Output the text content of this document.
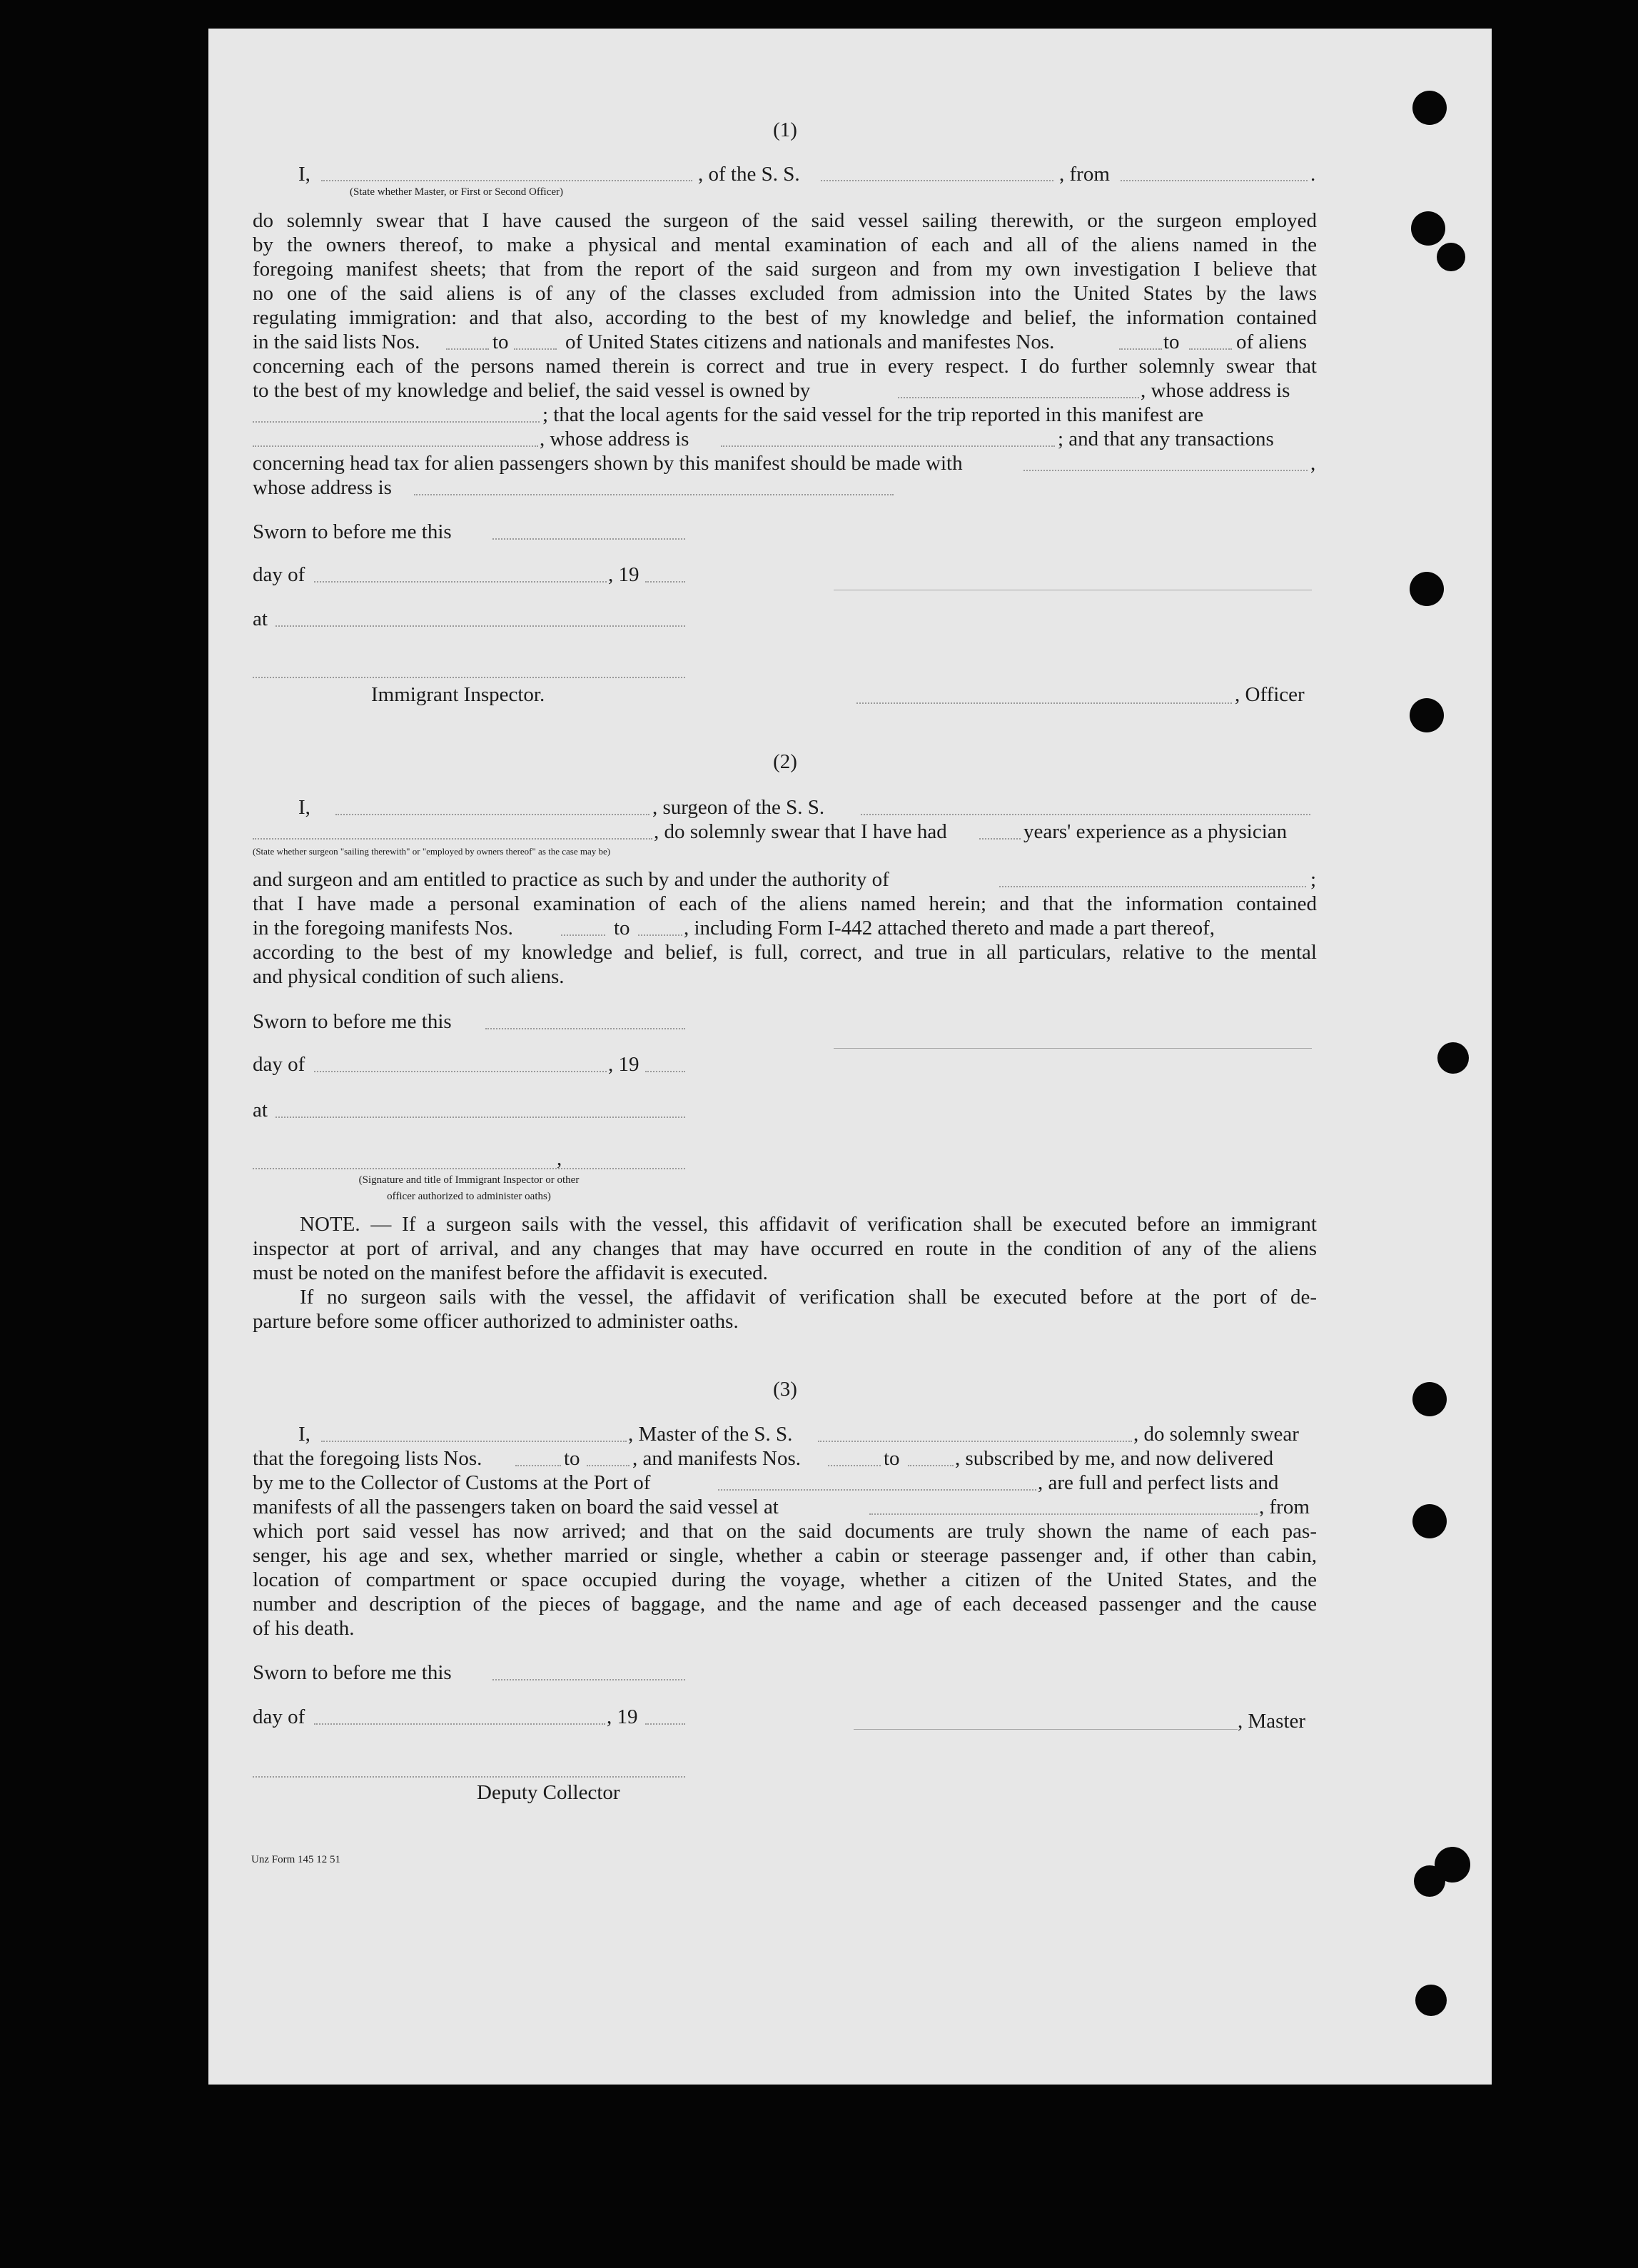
(1)
I,	, of the S. S.	, from	.
(State whether Master, or First or Second Officer)
do solemnly swear that I have caused the surgeon of the said vessel sailing therewith, or the surgeon employed
by the owners thereof, to make a physical and mental examination of each and all of the aliens named in the
foregoing manifest sheets; that from the report of the said surgeon and from my own investigation I believe that
no one of the said aliens is of any of the classes excluded from admission into the United States by the laws
regulating immigration: and that also, according to the best of my knowledge and belief, the information contained
in the said lists Nos.	to	of United States citizens and nationals and manifestes Nos.	to	of aliens
concerning each of the persons named therein is correct and true in every respect. I do further solemnly swear that
to the best of my knowledge and belief, the said vessel is owned by	, whose address is
; that the local agents for the said vessel for the trip reported in this manifest are
, whose address is	; and that any transactions
concerning head tax for alien passengers shown by this manifest should be made with	,
whose address is
Sworn to before me this
day of	, 19
at
Immigrant Inspector.	, Officer
(2)
I,	, surgeon of the S. S.
, do solemnly swear that I have had	years' experience as a physician
(State whether surgeon "sailing therewith" or "employed by owners thereof" as the case may be)
and surgeon and am entitled to practice as such by and under the authority of	;
that I have made a personal examination of each of the aliens named herein; and that the information contained
in the foregoing manifests Nos.	to	, including Form I-442 attached thereto and made a part thereof,
according to the best of my knowledge and belief, is full, correct, and true in all particulars, relative to the mental
and physical condition of such aliens.
Sworn to before me this
day of	, 19
at
,
(Signature and title of Immigrant Inspector or other
officer authorized to administer oaths)
NOTE. — If a surgeon sails with the vessel, this affidavit of verification shall be executed before an immigrant
inspector at port of arrival, and any changes that may have occurred en route in the condition of any of the aliens
must be noted on the manifest before the affidavit is executed.
If no surgeon sails with the vessel, the affidavit of verification shall be executed before at the port of de-
parture before some officer authorized to administer oaths.
(3)
I,	, Master of the S. S.	, do solemnly swear
that the foregoing lists Nos.	to	, and manifests Nos.	to	, subscribed by me, and now delivered
by me to the Collector of Customs at the Port of	, are full and perfect lists and
manifests of all the passengers taken on board the said vessel at	, from
which port said vessel has now arrived; and that on the said documents are truly shown the name of each pas-
senger, his age and sex, whether married or single, whether a cabin or steerage passenger and, if other than cabin,
location of compartment or space occupied during the voyage, whether a citizen of the United States, and the
number and description of the pieces of baggage, and the name and age of each deceased passenger and the cause
of his death.
Sworn to before me this
day of	, 19	, Master
Deputy Collector
Unz Form 145 12 51
